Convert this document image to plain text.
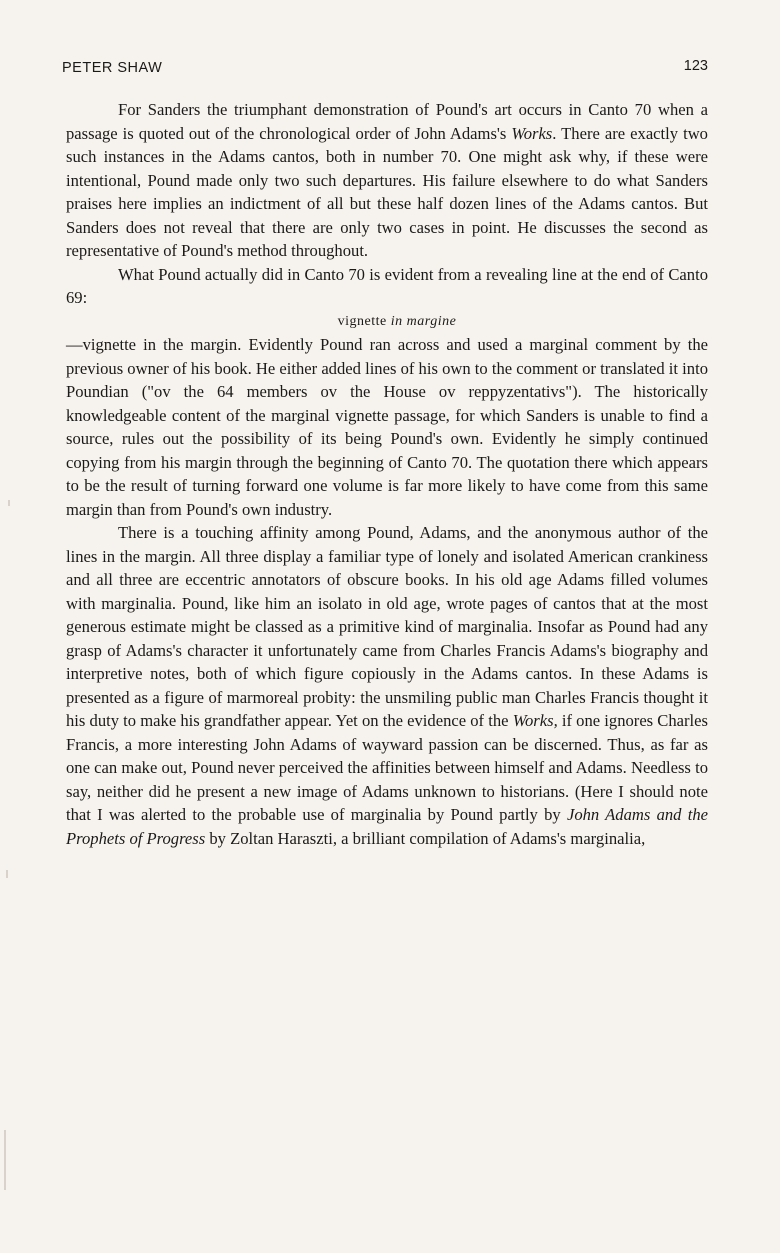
PETER SHAW	123

For Sanders the triumphant demonstration of Pound's art occurs in Canto 70 when a passage is quoted out of the chronological order of John Adams's Works. There are exactly two such instances in the Adams cantos, both in number 70. One might ask why, if these were intentional, Pound made only two such departures. His failure elsewhere to do what Sanders praises here implies an indictment of all but these half dozen lines of the Adams cantos. But Sanders does not reveal that there are only two cases in point. He discusses the second as representative of Pound's method throughout.

What Pound actually did in Canto 70 is evident from a revealing line at the end of Canto 69:

vignette in margine

—vignette in the margin. Evidently Pound ran across and used a marginal comment by the previous owner of his book. He either added lines of his own to the comment or translated it into Poundian ("ov the 64 members ov the House ov reppyzentativs"). The historically knowledgeable content of the marginal vignette passage, for which Sanders is unable to find a source, rules out the possibility of its being Pound's own. Evidently he simply continued copying from his margin through the beginning of Canto 70. The quotation there which appears to be the result of turning forward one volume is far more likely to have come from this same margin than from Pound's own industry.

There is a touching affinity among Pound, Adams, and the anonymous author of the lines in the margin. All three display a familiar type of lonely and isolated American crankiness and all three are eccentric annotators of obscure books. In his old age Adams filled volumes with marginalia. Pound, like him an isolato in old age, wrote pages of cantos that at the most generous estimate might be classed as a primitive kind of marginalia. Insofar as Pound had any grasp of Adams's character it unfortunately came from Charles Francis Adams's biography and interpretive notes, both of which figure copiously in the Adams cantos. In these Adams is presented as a figure of marmoreal probity: the unsmiling public man Charles Francis thought it his duty to make his grandfather appear. Yet on the evidence of the Works, if one ignores Charles Francis, a more interesting John Adams of wayward passion can be discerned. Thus, as far as one can make out, Pound never perceived the affinities between himself and Adams. Needless to say, neither did he present a new image of Adams unknown to historians. (Here I should note that I was alerted to the probable use of marginalia by Pound partly by John Adams and the Prophets of Progress by Zoltan Haraszti, a brilliant compilation of Adams's marginalia,
